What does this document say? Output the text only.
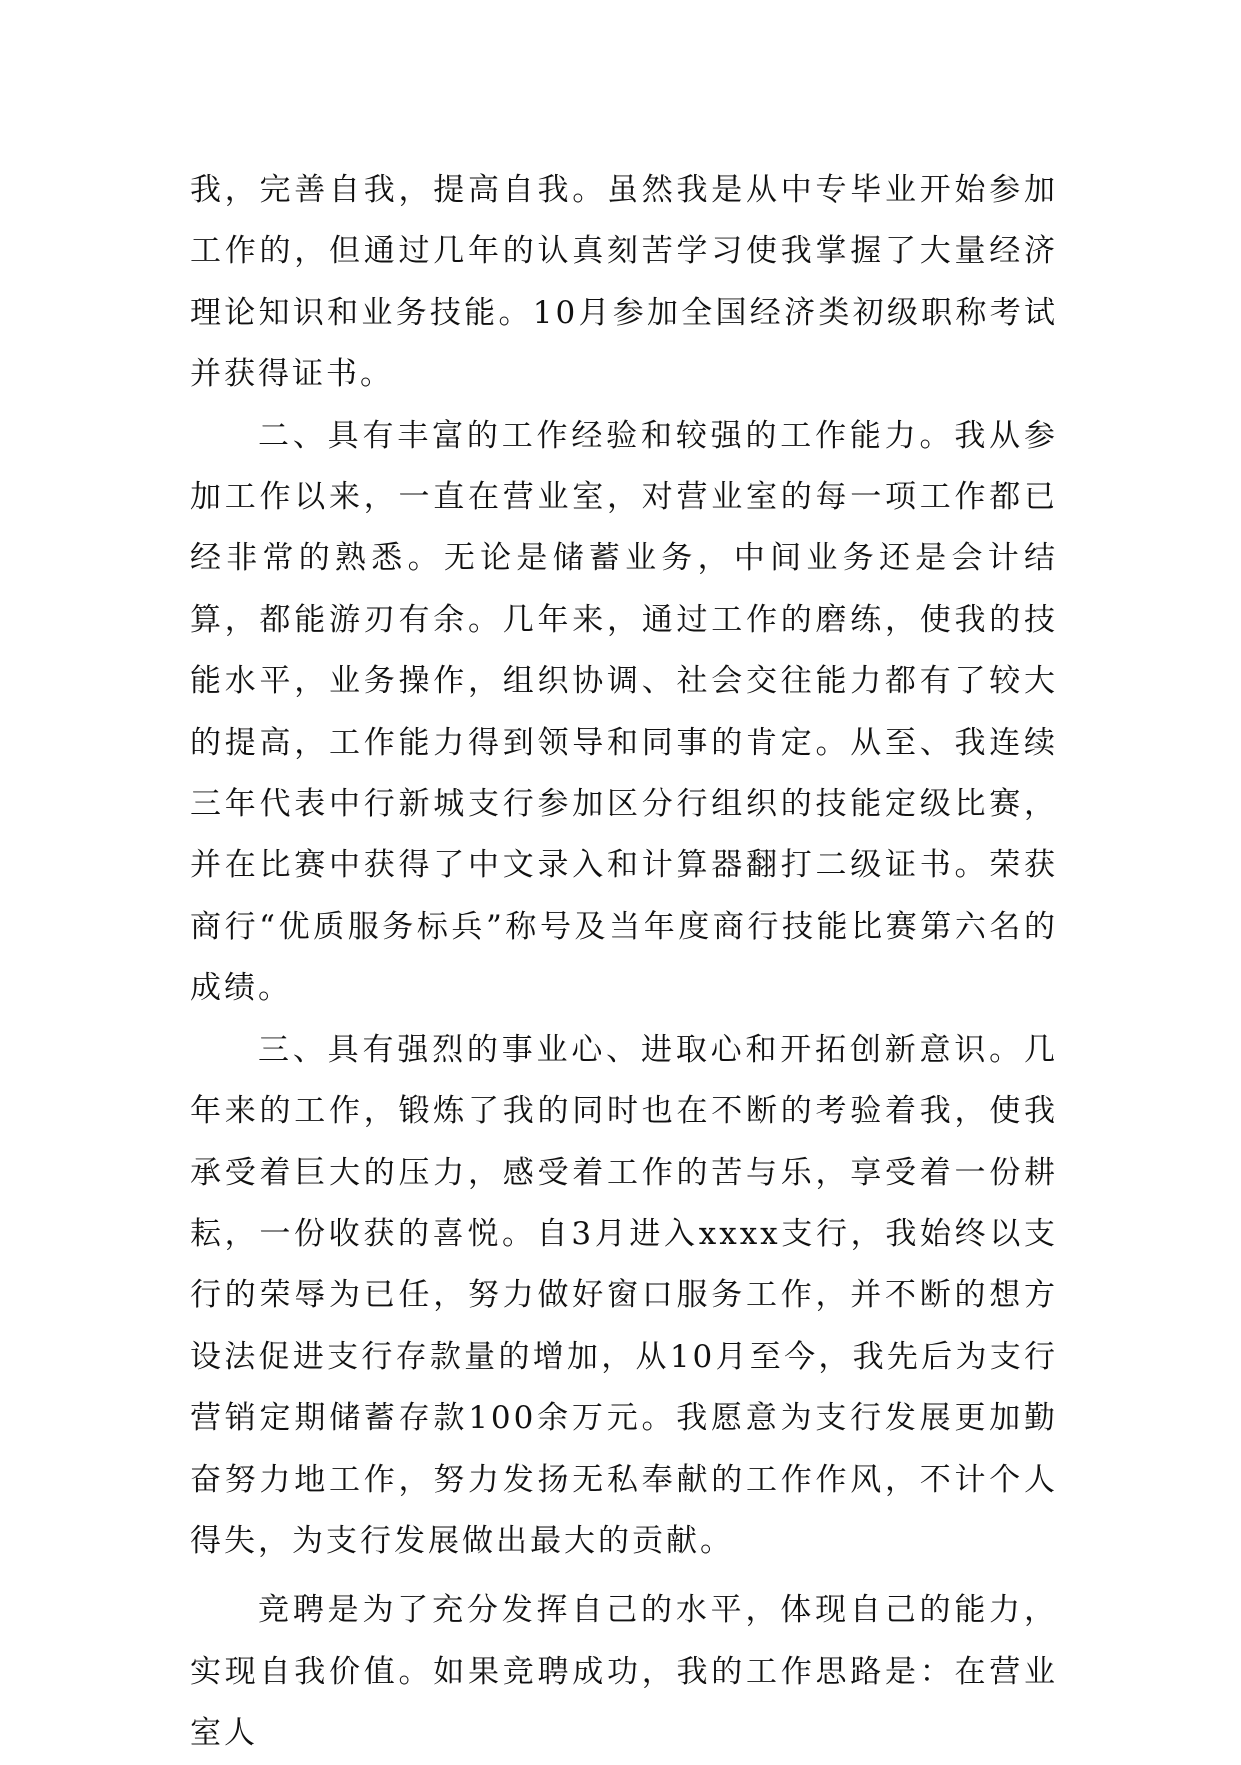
我，完善自我，提高自我。虽然我是从中专毕业开始参加工作的，但通过几年的认真刻苦学习使我掌握了大量经济理论知识和业务技能。10月参加全国经济类初级职称考试并获得证书。

二、具有丰富的工作经验和较强的工作能力。我从参加工作以来，一直在营业室，对营业室的每一项工作都已经非常的熟悉。无论是储蓄业务，中间业务还是会计结算，都能游刃有余。几年来，通过工作的磨练，使我的技能水平，业务操作，组织协调、社会交往能力都有了较大的提高，工作能力得到领导和同事的肯定。从至、我连续三年代表中行新城支行参加区分行组织的技能定级比赛，并在比赛中获得了中文录入和计算器翻打二级证书。荣获商行“优质服务标兵”称号及当年度商行技能比赛第六名的成绩。

三、具有强烈的事业心、进取心和开拓创新意识。几年来的工作，锻炼了我的同时也在不断的考验着我，使我承受着巨大的压力，感受着工作的苦与乐，享受着一份耕耘，一份收获的喜悦。自3月进入xxxx支行，我始终以支行的荣辱为已任，努力做好窗口服务工作，并不断的想方设法促进支行存款量的增加，从10月至今，我先后为支行营销定期储蓄存款100余万元。我愿意为支行发展更加勤奋努力地工作，努力发扬无私奉献的工作作风，不计个人得失，为支行发展做出最大的贡献。

竞聘是为了充分发挥自己的水平，体现自己的能力，实现自我价值。如果竞聘成功，我的工作思路是：在营业室人
